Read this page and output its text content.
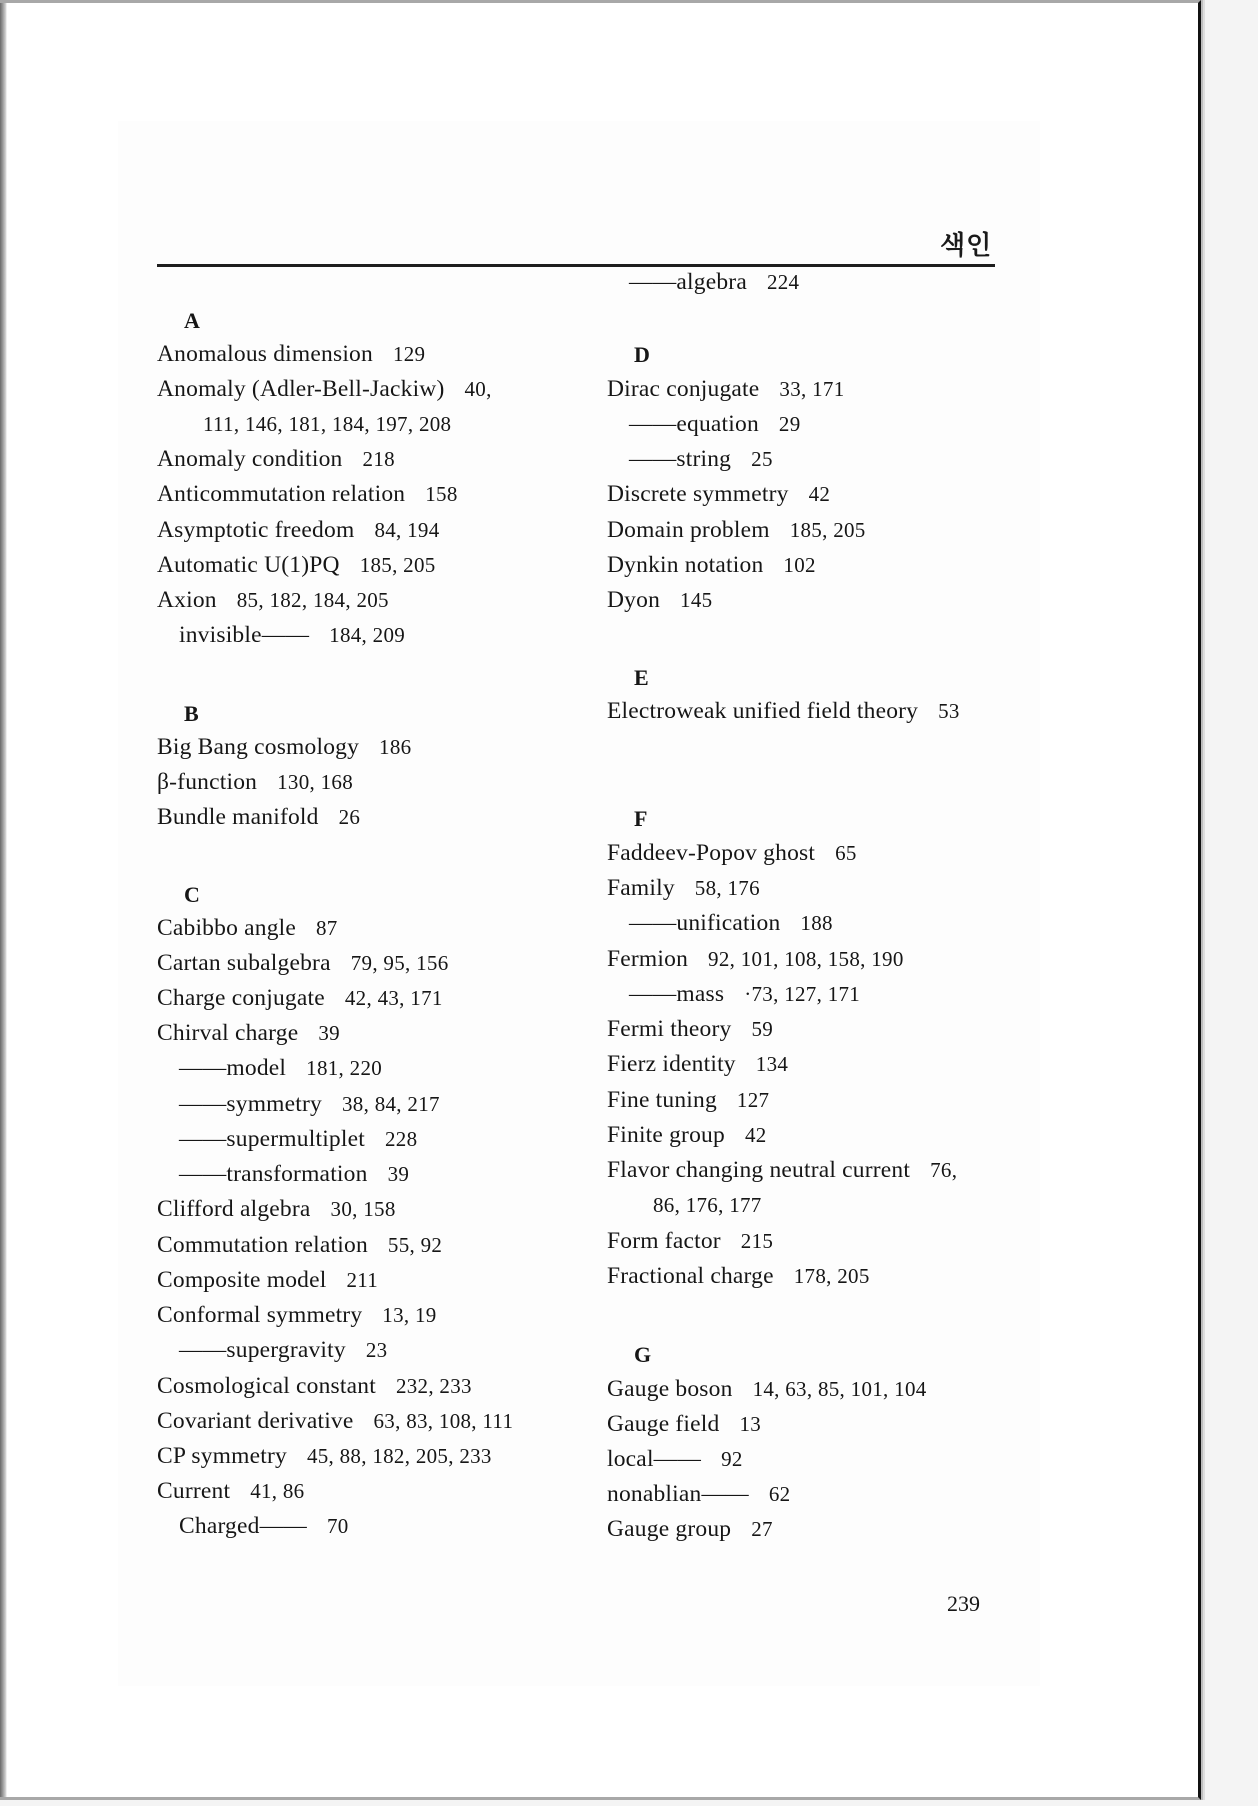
색인
A
Anomalous dimension 129
Anomaly (Adler-Bell-Jackiw) 40,
111, 146, 181, 184, 197, 208
Anomaly condition 218
Anticommutation relation 158
Asymptotic freedom 84, 194
Automatic U(1)PQ 185, 205
Axion 85, 182, 184, 205
invisible—— 184, 209
B
Big Bang cosmology 186
β-function 130, 168
Bundle manifold 26
C
Cabibbo angle 87
Cartan subalgebra 79, 95, 156
Charge conjugate 42, 43, 171
Chirval charge 39
——model 181, 220
——symmetry 38, 84, 217
——supermultiplet 228
——transformation 39
Clifford algebra 30, 158
Commutation relation 55, 92
Composite model 211
Conformal symmetry 13, 19
——supergravity 23
Cosmological constant 232, 233
Covariant derivative 63, 83, 108, 111
CP symmetry 45, 88, 182, 205, 233
Current 41, 86
Charged—— 70
——algebra 224
D
Dirac conjugate 33, 171
——equation 29
——string 25
Discrete symmetry 42
Domain problem 185, 205
Dynkin notation 102
Dyon 145
E
Electroweak unified field theory 53
F
Faddeev-Popov ghost 65
Family 58, 176
——unification 188
Fermion 92, 101, 108, 158, 190
——mass ·73, 127, 171
Fermi theory 59
Fierz identity 134
Fine tuning 127
Finite group 42
Flavor changing neutral current 76,
86, 176, 177
Form factor 215
Fractional charge 178, 205
G
Gauge boson 14, 63, 85, 101, 104
Gauge field 13
local—— 92
nonablian—— 62
Gauge group 27
239
